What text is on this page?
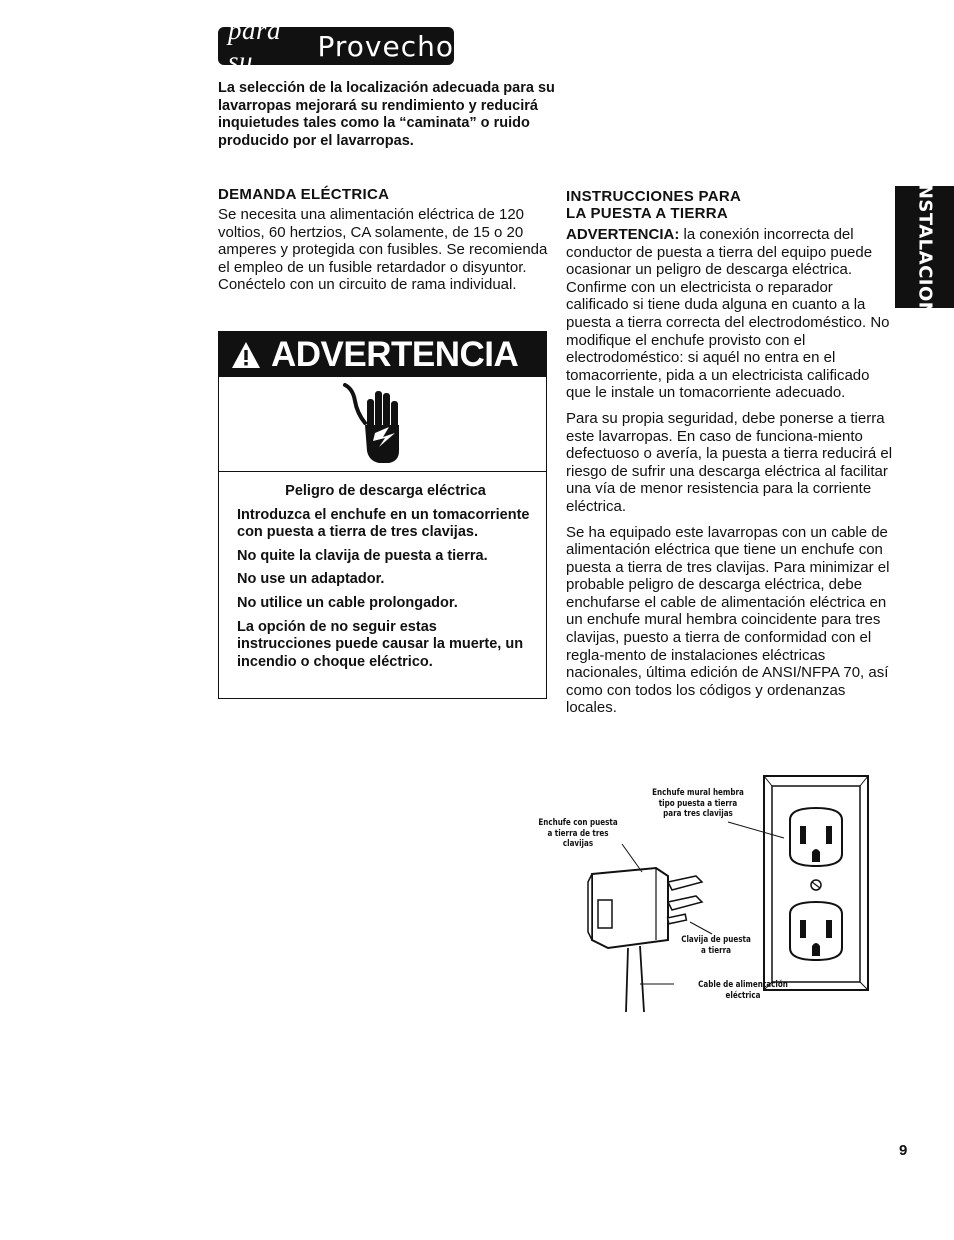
para su	Provecho
La selección de la localización adecuada para su lavarropas mejorará su rendimiento y reducirá inquietudes tales como la “caminata” o ruido producido por el lavarropas.
DEMANDA ELÉCTRICA
Se necesita una alimentación eléctrica de 120 voltios, 60 hertzios, CA solamente, de 15 o 20 amperes y protegida con fusibles. Se recomienda el empleo de un fusible retardador o disyuntor. Conéctelo con un circuito de rama individual.
ADVERTENCIA
Peligro de descarga eléctrica
Introduzca el enchufe en un tomacorriente con puesta a tierra de tres clavijas.
No quite la clavija de puesta a tierra.
No use un adaptador.
No utilice un cable prolongador.
La opción de no seguir estas instrucciones puede causar la muerte, un incendio o choque eléctrico.
INSTRUCCIONES PARA
LA PUESTA A TIERRA
ADVERTENCIA: la conexión incorrecta del conductor de puesta a tierra del equipo puede ocasionar un peligro de descarga eléctrica. Confirme con un electricista o reparador calificado si tiene duda alguna en cuanto a la puesta a tierra correcta del electrodoméstico. No modifique el enchufe provisto con el electrodoméstico: si aquél no entra en el tomacorriente, pida a un electricista calificado que le instale un tomacorriente adecuado.
Para su propia seguridad, debe ponerse a tierra este lavarropas. En caso de funciona-miento defectuoso o avería, la puesta a tierra reducirá el riesgo de sufrir una descarga eléctrica al facilitar una vía de menor resistencia para la corriente eléctrica.
Se ha equipado este lavarropas con un cable de alimentación eléctrica que tiene un enchufe con puesta a tierra de tres clavijas. Para minimizar el probable peligro de descarga eléctrica, debe enchufarse el cable de alimentación eléctrica en un enchufe mural hembra coincidente para tres clavijas, puesto a tierra de conformidad con el regla-mento de instalaciones eléctricas nacionales, última edición de ANSI/NFPA 70, así como con todos los códigos y ordenanzas locales.
INSTALACION
Enchufe mural hembra
tipo puesta a tierra
para tres clavijas
Enchufe con puesta
a tierra de tres
clavijas
Clavija de puesta
a tierra
Cable de alimentación
eléctrica
9
